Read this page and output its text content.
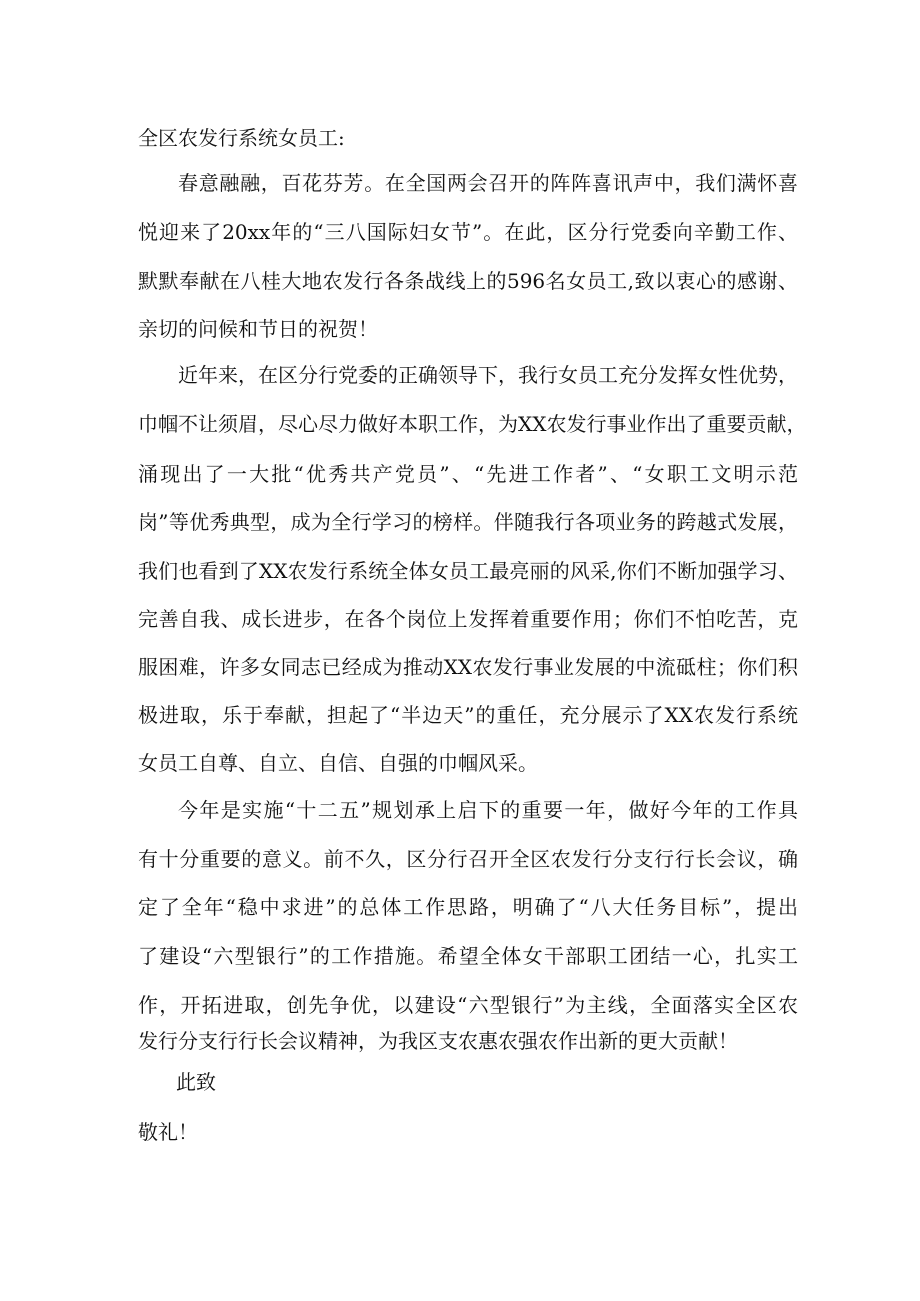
全区农发行系统女员工:
春意融融，百花芬芳。在全国两会召开的阵阵喜讯声中，我们满怀喜
悦迎来了20xx年的“三八国际妇女节”。在此，区分行党委向辛勤工作、
默默奉献在八桂大地农发行各条战线上的596名女员工,致以衷心的感谢、
亲切的问候和节日的祝贺！
近年来，在区分行党委的正确领导下，我行女员工充分发挥女性优势，
巾帼不让须眉，尽心尽力做好本职工作，为XX农发行事业作出了重要贡献，
涌现出了一大批“优秀共产党员”、“先进工作者”、“女职工文明示范
岗”等优秀典型，成为全行学习的榜样。伴随我行各项业务的跨越式发展，
我们也看到了XX农发行系统全体女员工最亮丽的风采,你们不断加强学习、
完善自我、成长进步，在各个岗位上发挥着重要作用；你们不怕吃苦，克
服困难，许多女同志已经成为推动XX农发行事业发展的中流砥柱；你们积
极进取，乐于奉献，担起了“半边天”的重任，充分展示了XX农发行系统
女员工自尊、自立、自信、自强的巾帼风采。
今年是实施“十二五”规划承上启下的重要一年，做好今年的工作具
有十分重要的意义。前不久，区分行召开全区农发行分支行行长会议，确
定了全年“稳中求进”的总体工作思路，明确了“八大任务目标”，提出
了建设“六型银行”的工作措施。希望全体女干部职工团结一心，扎实工
作，开拓进取，创先争优，以建设“六型银行”为主线，全面落实全区农
发行分支行行长会议精神，为我区支农惠农强农作出新的更大贡献！
此致
敬礼！
